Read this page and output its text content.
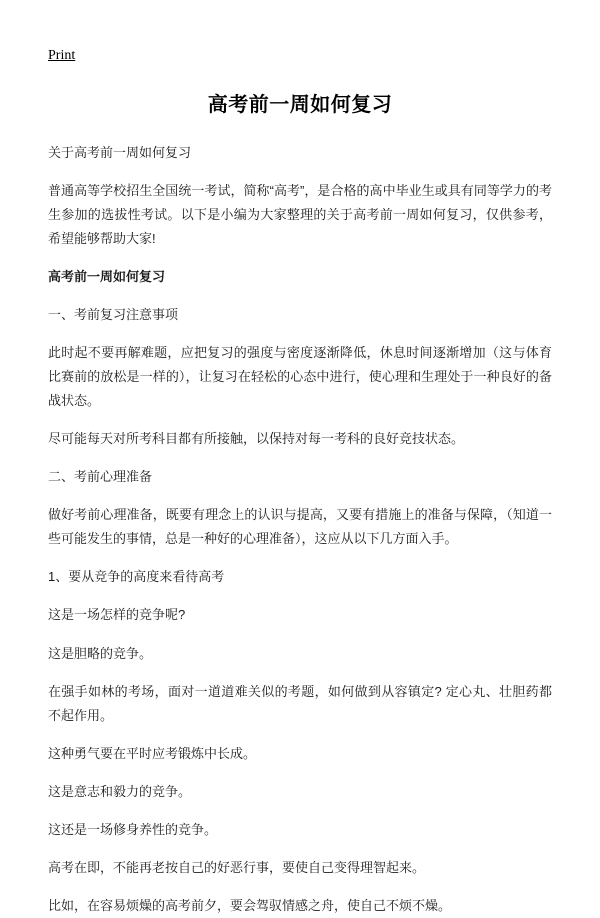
Print
高考前一周如何复习

关于高考前一周如何复习

普通高等学校招生全国统一考试，简称“高考”，是合格的高中毕业生或具有同等学力的考生参加的选拔性考试。以下是小编为大家整理的关于高考前一周如何复习，仅供参考，希望能够帮助大家!

高考前一周如何复习

一、考前复习注意事项

此时起不要再解难题，应把复习的强度与密度逐渐降低，休息时间逐渐增加（这与体育比赛前的放松是一样的），让复习在轻松的心态中进行，使心理和生理处于一种良好的备战状态。

尽可能每天对所考科目都有所接触，以保持对每一考科的良好竞技状态。

二、考前心理准备

做好考前心理准备，既要有理念上的认识与提高，又要有措施上的准备与保障，（知道一些可能发生的事情，总是一种好的心理准备），这应从以下几方面入手。

1、要从竞争的高度来看待高考

这是一场怎样的竞争呢?

这是胆略的竞争。

在强手如林的考场，面对一道道难关似的考题，如何做到从容镇定? 定心丸、壮胆药都不起作用。

这种勇气要在平时应考锻炼中长成。

这是意志和毅力的竞争。

这还是一场修身养性的竞争。

高考在即，不能再老按自己的好恶行事，要使自己变得理智起来。

比如，在容易烦燥的高考前夕，要会驾驭情感之舟，使自己不烦不燥。
